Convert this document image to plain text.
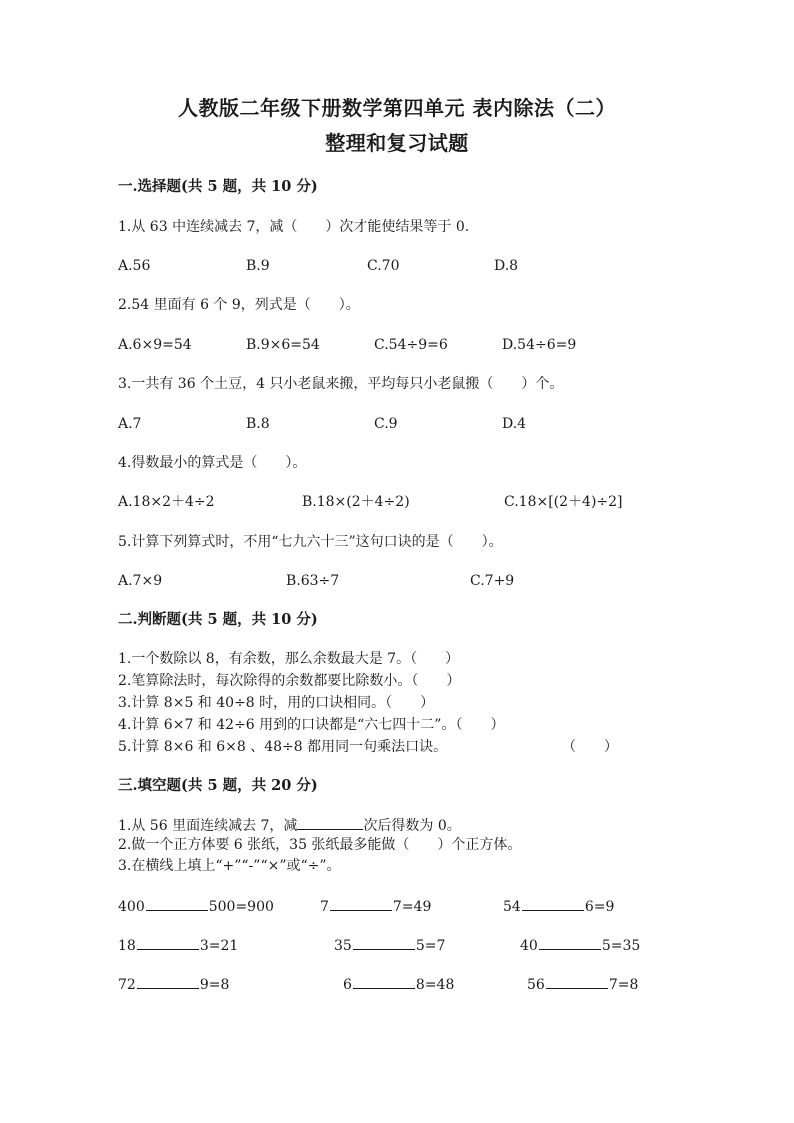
人教版二年级下册数学第四单元 表内除法（二）
整理和复习试题
一.选择题(共 5 题，共 10 分)
1.从 63 中连续减去 7，减（　　）次才能使结果等于 0.
A.56	B.9	C.70	D.8
2.54 里面有 6 个 9，列式是（　　）。
A.6×9=54	B.9×6=54	C.54÷9=6	D.54÷6=9
3.一共有 36 个土豆，4 只小老鼠来搬，平均每只小老鼠搬（　　）个。
A.7	B.8	C.9	D.4
4.得数最小的算式是（　　）。
A.18×2＋4÷2	B.18×(2＋4÷2)	C.18×[(2＋4)÷2]
5.计算下列算式时，不用“七九六十三”这句口诀的是（　　）。
A.7×9	B.63÷7	C.7+9
二.判断题(共 5 题，共 10 分)
1.一个数除以 8，有余数，那么余数最大是 7。（　　）
2.笔算除法时，每次除得的余数都要比除数小。（　　）
3.计算 8×5 和 40÷8 时，用的口诀相同。（　　）
4.计算 6×7 和 42÷6 用到的口诀都是“六七四十二”。（　　）
5.计算 8×6 和 6×8 、48÷8 都用同一句乘法口诀。	（　　）
三.填空题(共 5 题，共 20 分)
1.从 56 里面连续减去 7，减	次后得数为 0。
2.做一个正方体要 6 张纸，35 张纸最多能做（　　）个正方体。
3.在横线上填上“+”“-”“×”或“÷”。
400	500=900	7	7=49	54	6=9
18	3=21	35	5=7	40	5=35
72	9=8	6	8=48	56	7=8
